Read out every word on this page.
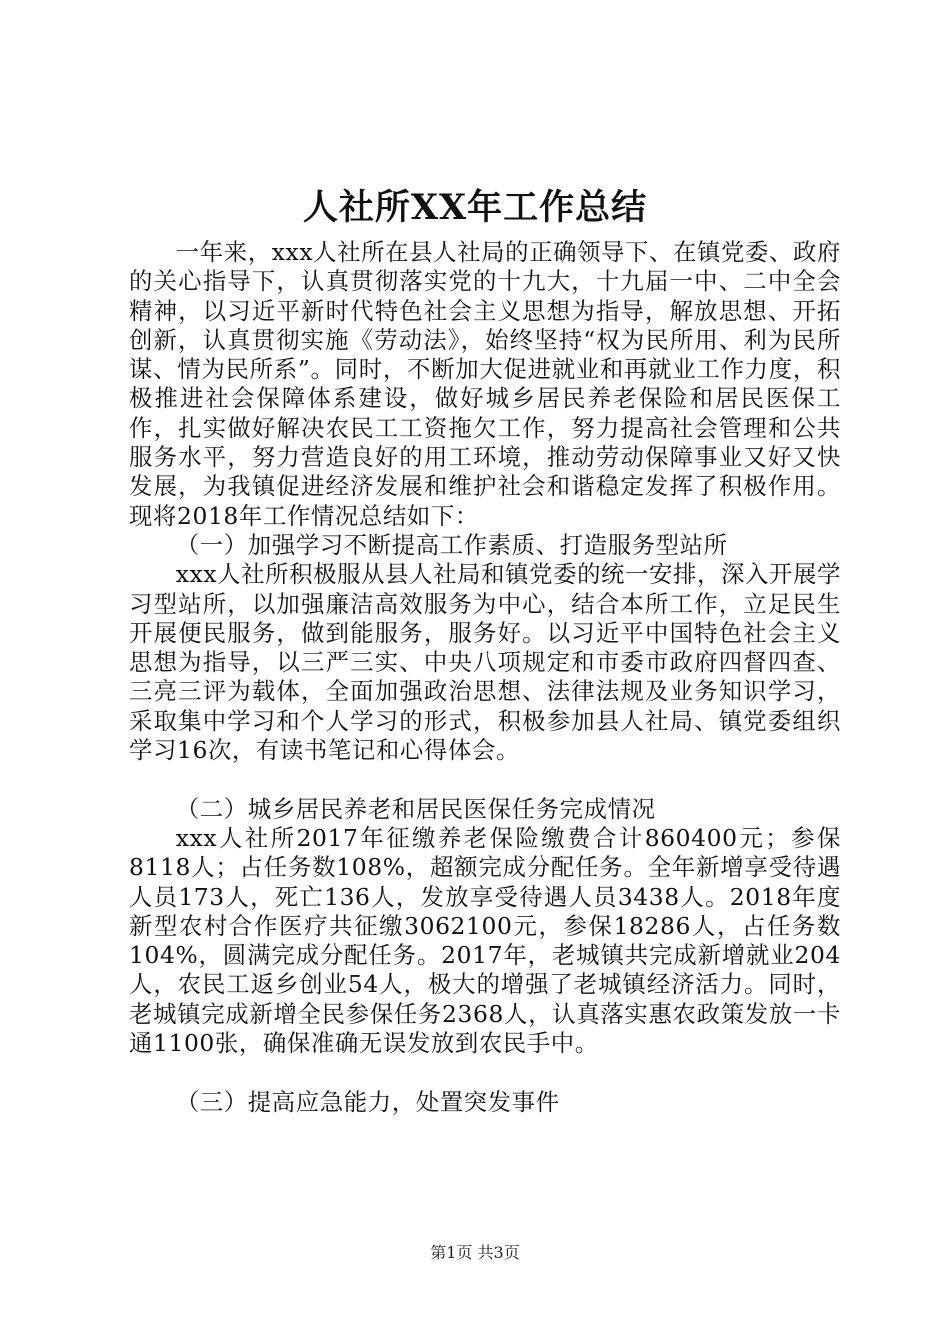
人社所XX年工作总结

一年来，xxx人社所在县人社局的正确领导下、在镇党委、政府的关心指导下，认真贯彻落实党的十九大，十九届一中、二中全会精神，以习近平新时代特色社会主义思想为指导，解放思想、开拓创新，认真贯彻实施《劳动法》，始终坚持“权为民所用、利为民所谋、情为民所系”。同时，不断加大促进就业和再就业工作力度，积极推进社会保障体系建设，做好城乡居民养老保险和居民医保工作，扎实做好解决农民工工资拖欠工作，努力提高社会管理和公共服务水平，努力营造良好的用工环境，推动劳动保障事业又好又快发展，为我镇促进经济发展和维护社会和谐稳定发挥了积极作用。现将2018年工作情况总结如下：

（一）加强学习不断提高工作素质、打造服务型站所

xxx人社所积极服从县人社局和镇党委的统一安排，深入开展学习型站所，以加强廉洁高效服务为中心，结合本所工作，立足民生开展便民服务，做到能服务，服务好。以习近平中国特色社会主义思想为指导，以三严三实、中央八项规定和市委市政府四督四查、三亮三评为载体，全面加强政治思想、法律法规及业务知识学习，采取集中学习和个人学习的形式，积极参加县人社局、镇党委组织学习16次，有读书笔记和心得体会。

（二）城乡居民养老和居民医保任务完成情况

xxx人社所2017年征缴养老保险缴费合计860400元；参保8118人；占任务数108%，超额完成分配任务。全年新增享受待遇人员173人，死亡136人，发放享受待遇人员3438人。2018年度新型农村合作医疗共征缴3062100元，参保18286人，占任务数104%，圆满完成分配任务。2017年，老城镇共完成新增就业204人，农民工返乡创业54人，极大的增强了老城镇经济活力。同时，老城镇完成新增全民参保任务2368人，认真落实惠农政策发放一卡通1100张，确保准确无误发放到农民手中。

（三）提高应急能力，处置突发事件

第1页 共3页
